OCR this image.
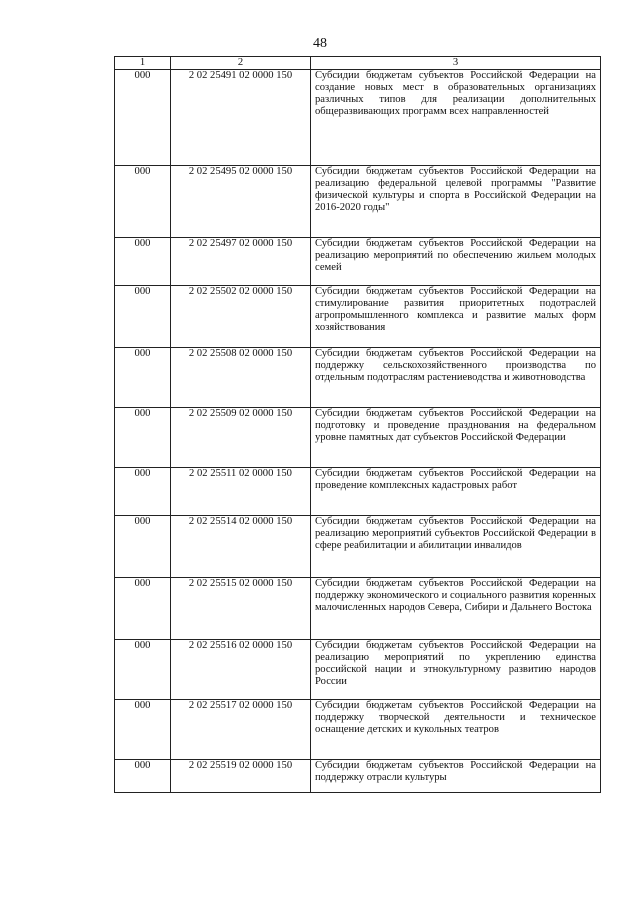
48
1	2	3
000	2 02 25491 02 0000 150	Субсидии бюджетам субъектов Российской Федерации на создание новых мест в образовательных организациях различных типов для реализации дополнительных общеразвивающих программ всех направленностей
000	2 02 25495 02 0000 150	Субсидии бюджетам субъектов Российской Федерации на реализацию федеральной целевой программы "Развитие физической культуры и спорта в Российской Федерации на 2016-2020 годы"
000	2 02 25497 02 0000 150	Субсидии бюджетам субъектов Российской Федерации на реализацию мероприятий по обеспечению жильем молодых семей
000	2 02 25502 02 0000 150	Субсидии бюджетам субъектов Российской Федерации на стимулирование развития приоритетных подотраслей агропромышленного комплекса и развитие малых форм хозяйствования
000	2 02 25508 02 0000 150	Субсидии бюджетам субъектов Российской Федерации на поддержку сельскохозяйственного производства по отдельным подотраслям растениеводства и животноводства
000	2 02 25509 02 0000 150	Субсидии бюджетам субъектов Российской Федерации на подготовку и проведение празднования на федеральном уровне памятных дат субъектов Российской Федерации
000	2 02 25511 02 0000 150	Субсидии бюджетам субъектов Российской Федерации на проведение комплексных кадастровых работ
000	2 02 25514 02 0000 150	Субсидии бюджетам субъектов Российской Федерации на реализацию мероприятий субъектов Российской Федерации в сфере реабилитации и абилитации инвалидов
000	2 02 25515 02 0000 150	Субсидии бюджетам субъектов Российской Федерации на поддержку экономического и социального развития коренных малочисленных народов Севера, Сибири и Дальнего Востока
000	2 02 25516 02 0000 150	Субсидии бюджетам субъектов Российской Федерации на реализацию мероприятий по укреплению единства российской нации и этнокультурному развитию народов России
000	2 02 25517 02 0000 150	Субсидии бюджетам субъектов Российской Федерации на поддержку творческой деятельности и техническое оснащение детских и кукольных театров
000	2 02 25519 02 0000 150	Субсидии бюджетам субъектов Российской Федерации на поддержку отрасли культуры
